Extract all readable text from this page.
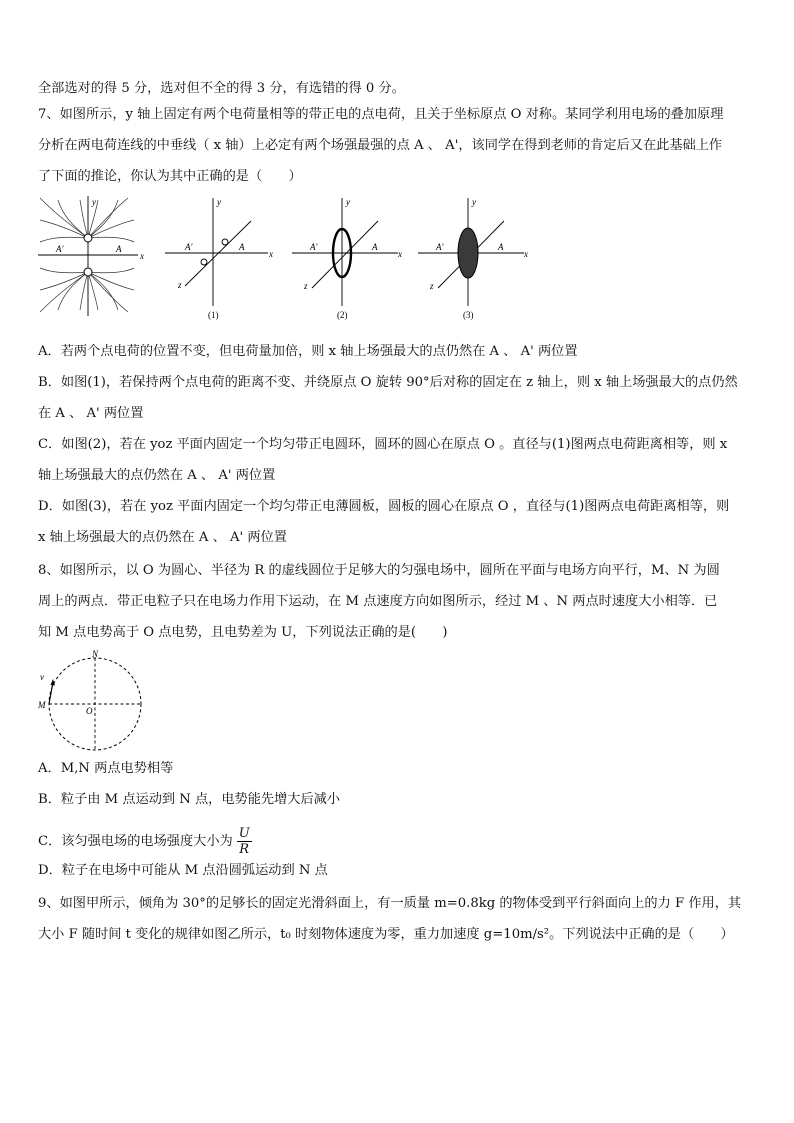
全部选对的得 5 分，选对但不全的得 3 分，有选错的得 0 分。
7、如图所示，y 轴上固定有两个电荷量相等的带正电的点电荷，且关于坐标原点 O 对称。某同学利用电场的叠加原理
分析在两电荷连线的中垂线（ x 轴）上必定有两个场强最强的点 A 、 A'，该同学在得到老师的肯定后又在此基础上作
了下面的推论，你认为其中正确的是（　　）
A'	A
x
y
A'	A
x
y
z
(1)
A'	A
x
y
z
(2)
A'	A
x
y
z
(3)
A．若两个点电荷的位置不变，但电荷量加倍，则 x 轴上场强最大的点仍然在 A 、 A' 两位置
B．如图(1)，若保持两个点电荷的距离不变、并绕原点 O 旋转 90°后对称的固定在 z 轴上，则 x 轴上场强最大的点仍然
在 A 、 A' 两位置
C．如图(2)，若在 yoz 平面内固定一个均匀带正电圆环，圆环的圆心在原点 O 。直径与(1)图两点电荷距离相等，则 x
轴上场强最大的点仍然在 A 、 A' 两位置
D．如图(3)，若在 yoz 平面内固定一个均匀带正电薄圆板，圆板的圆心在原点 O ，直径与(1)图两点电荷距离相等，则
x 轴上场强最大的点仍然在 A 、 A' 两位置
8、如图所示，以 O 为圆心、半径为 R 的虚线圆位于足够大的匀强电场中，圆所在平面与电场方向平行，M、N 为圆
周上的两点．带正电粒子只在电场力作用下运动，在 M 点速度方向如图所示，经过 M 、N 两点时速度大小相等．已
知 M 点电势高于 O 点电势，且电势差为 U，下列说法正确的是(　　)
N
M
O
v
A．M,N 两点电势相等
B．粒子由 M 点运动到 N 点，电势能先增大后减小
C．该匀强电场的电场强度大小为 $\frac{U}{R}$
D．粒子在电场中可能从 M 点沿圆弧运动到 N 点
9、如图甲所示，倾角为 30°的足够长的固定光滑斜面上，有一质量 m=0.8kg 的物体受到平行斜面向上的力 F 作用，其
大小 F 随时间 t 变化的规律如图乙所示，t₀ 时刻物体速度为零，重力加速度 g=10m/s²。下列说法中正确的是（　　）
